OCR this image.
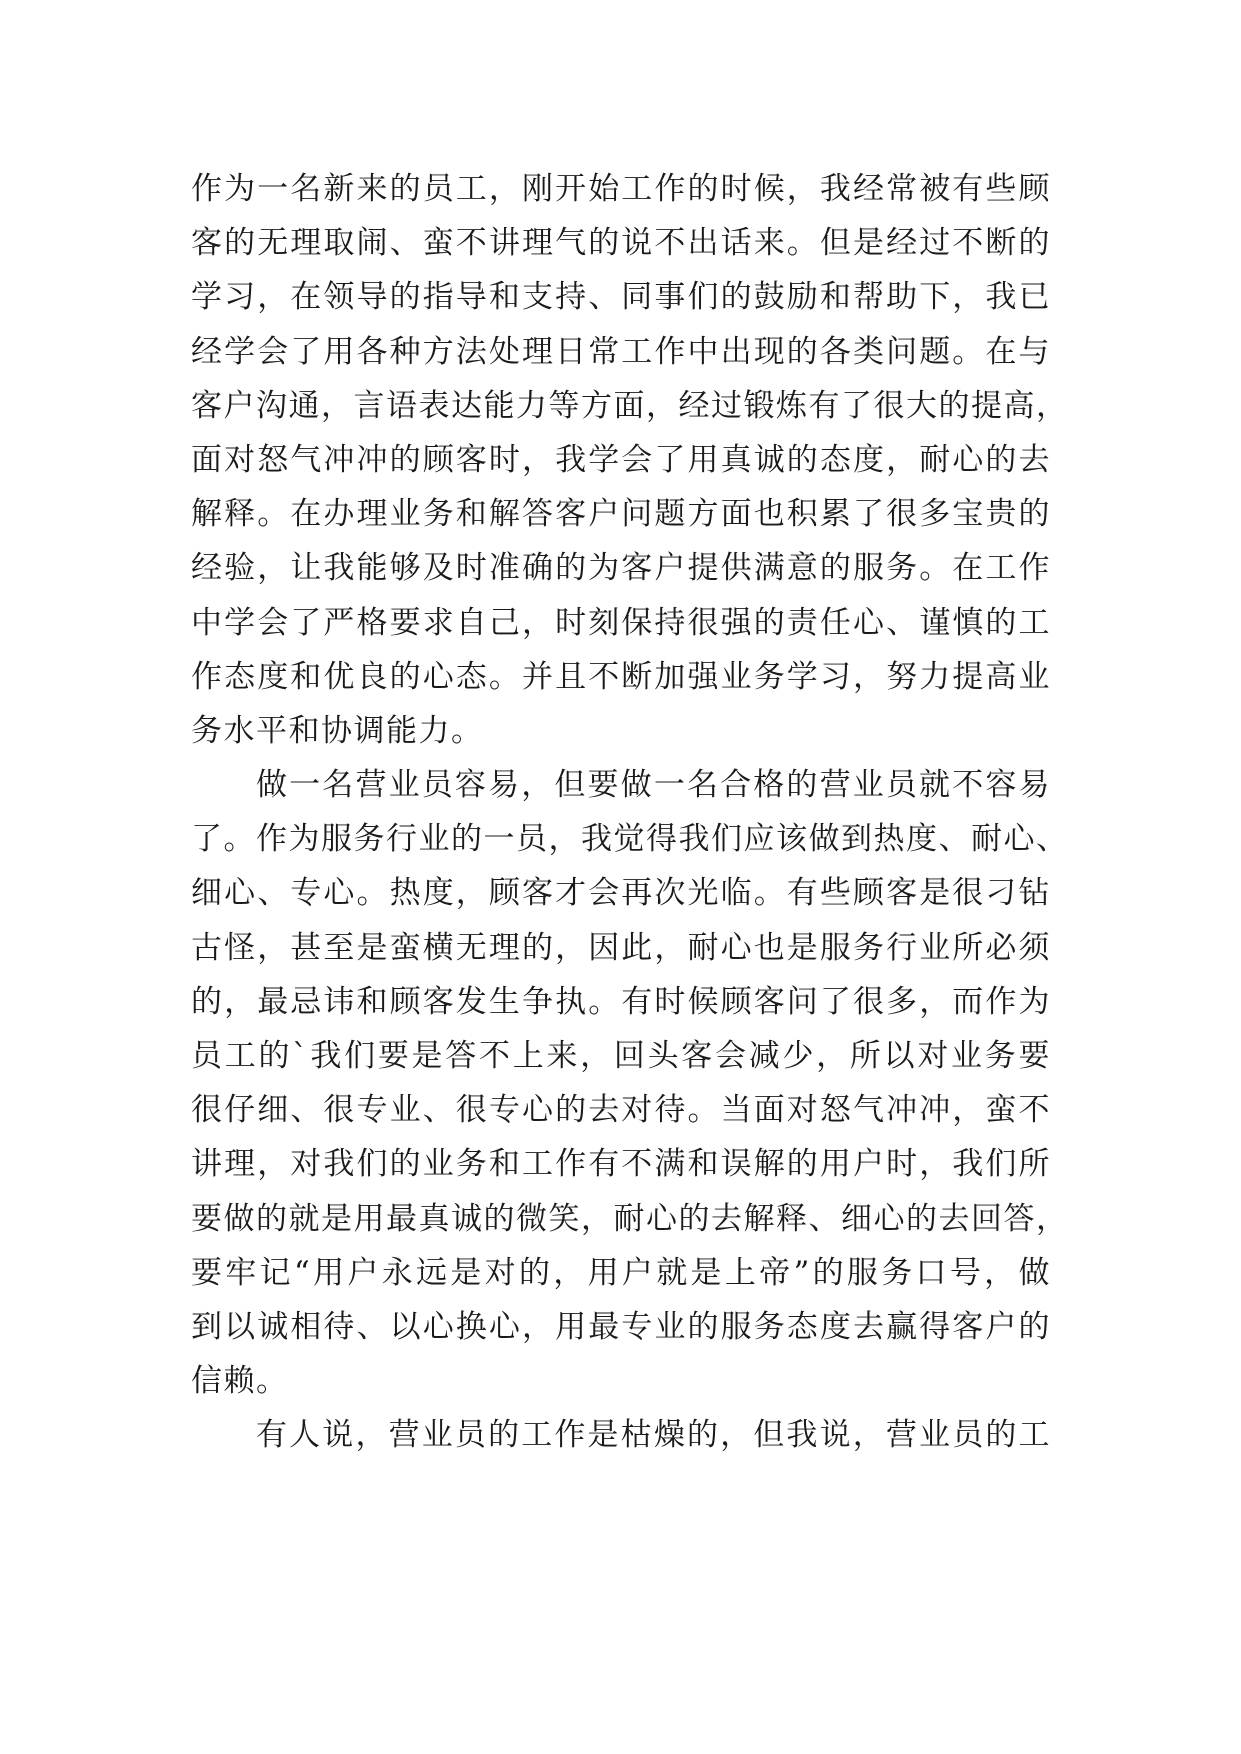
作为一名新来的员工，刚开始工作的时候，我经常被有些顾
客的无理取闹、蛮不讲理气的说不出话来。但是经过不断的
学习，在领导的指导和支持、同事们的鼓励和帮助下，我已
经学会了用各种方法处理日常工作中出现的各类问题。在与
客户沟通，言语表达能力等方面，经过锻炼有了很大的提高，
面对怒气冲冲的顾客时，我学会了用真诚的态度，耐心的去
解释。在办理业务和解答客户问题方面也积累了很多宝贵的
经验，让我能够及时准确的为客户提供满意的服务。在工作
中学会了严格要求自己，时刻保持很强的责任心、谨慎的工
作态度和优良的心态。并且不断加强业务学习，努力提高业
务水平和协调能力。
做一名营业员容易，但要做一名合格的营业员就不容易
了。作为服务行业的一员，我觉得我们应该做到热度、耐心、
细心、专心。热度，顾客才会再次光临。有些顾客是很刁钻
古怪，甚至是蛮横无理的，因此，耐心也是服务行业所必须
的，最忌讳和顾客发生争执。有时候顾客问了很多，而作为
员工的`我们要是答不上来，回头客会减少，所以对业务要
很仔细、很专业、很专心的去对待。当面对怒气冲冲，蛮不
讲理，对我们的业务和工作有不满和误解的用户时，我们所
要做的就是用最真诚的微笑，耐心的去解释、细心的去回答，
要牢记“用户永远是对的，用户就是上帝”的服务口号，做
到以诚相待、以心换心，用最专业的服务态度去赢得客户的
信赖。
有人说，营业员的工作是枯燥的，但我说，营业员的工
